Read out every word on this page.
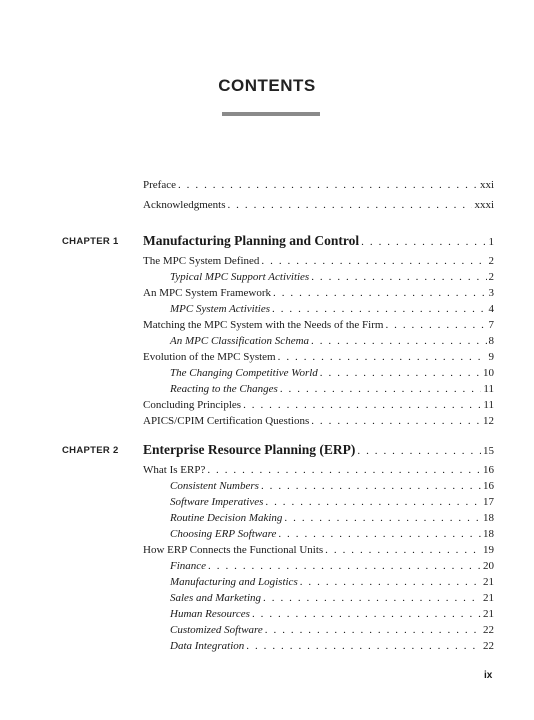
CONTENTS
Preface . . .	xxi
Acknowledgments . . .	xxxi
CHAPTER 1 Manufacturing Planning and Control . . .	1
The MPC System Defined . . .	2
Typical MPC Support Activities . . .	2
An MPC System Framework . . .	3
MPC System Activities . . .	4
Matching the MPC System with the Needs of the Firm . . .	7
An MPC Classification Schema . . .	8
Evolution of the MPC System . . .	9
The Changing Competitive World . . .	10
Reacting to the Changes . . .	11
Concluding Principles . . .	11
APICS/CPIM Certification Questions . . .	12
CHAPTER 2 Enterprise Resource Planning (ERP) . . .	15
What Is ERP? . . .	16
Consistent Numbers . . .	16
Software Imperatives . . .	17
Routine Decision Making . . .	18
Choosing ERP Software . . .	18
How ERP Connects the Functional Units . . .	19
Finance . . .	20
Manufacturing and Logistics . . .	21
Sales and Marketing . . .	21
Human Resources . . .	21
Customized Software . . .	22
Data Integration . . .	22
ix
